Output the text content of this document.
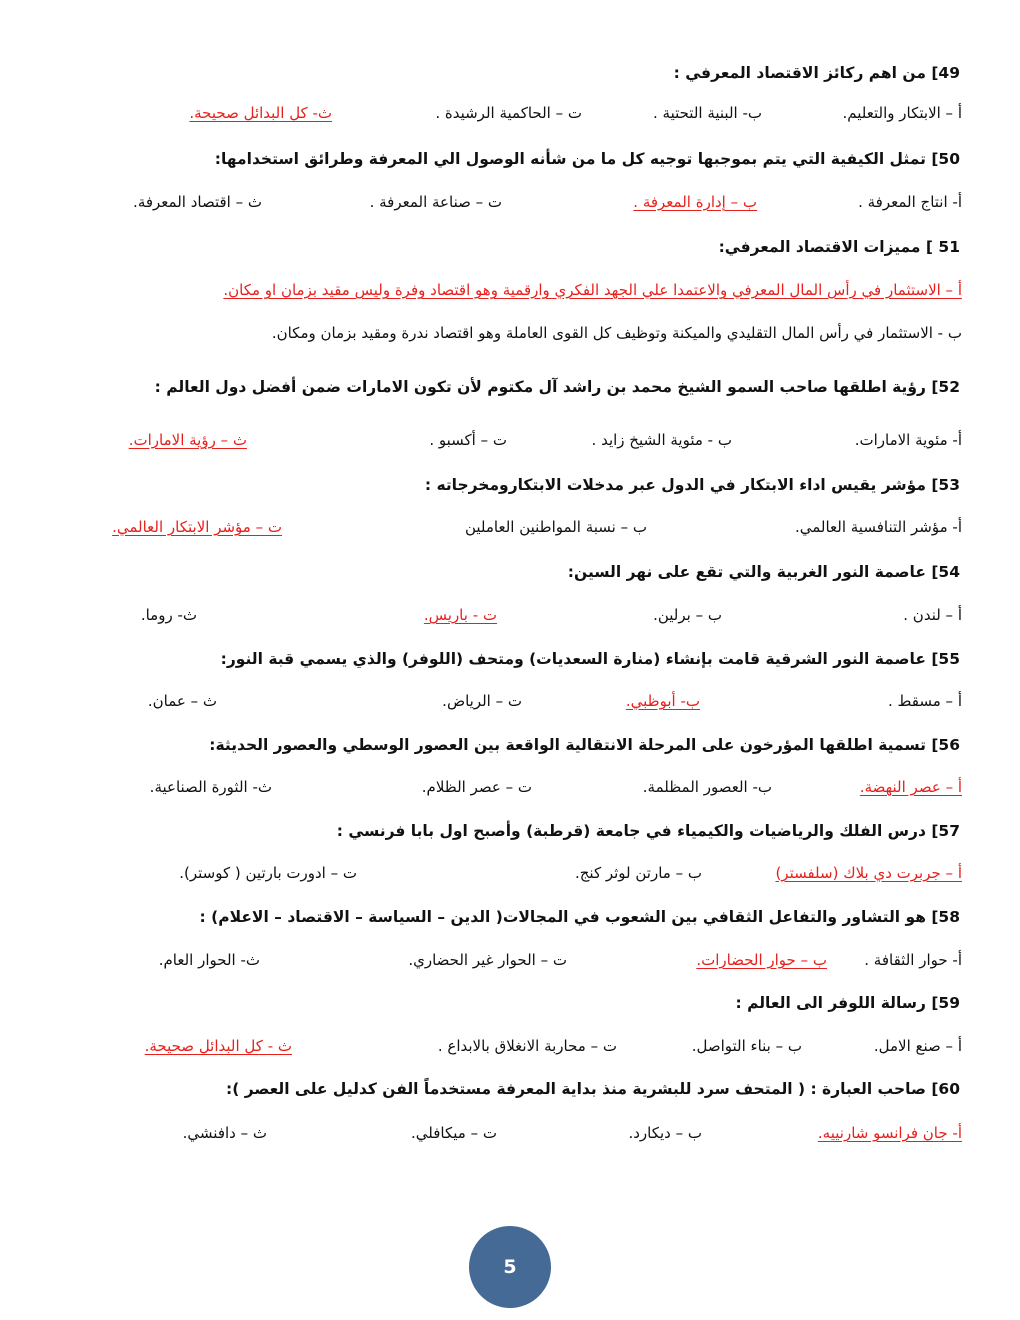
49] من اهم ركائز الاقتصاد المعرفي :
أ – الابتكار والتعليم.
ب- البنية التحتية .
ت – الحاكمية الرشيدة .
ث- كل البدائل صحيحة.
50] تمثل الكيفية التي يتم بموجبها توجيه كل ما من شأنه الوصول الي المعرفة وطرائق استخدامها:
أ- انتاج المعرفة .
ب – إدارة المعرفة .
ت – صناعة المعرفة .
ث – اقتصاد المعرفة.
51 ] مميزات الاقتصاد المعرفي:
أ – الاستثمار في رأس المال المعرفي والاعتمدا علي الجهد الفكري وارقمية وهو اقتصاد وفرة وليس مقيد بزمان او مكان.
ب - الاستثمار في رأس المال التقليدي والميكنة وتوظيف كل القوى العاملة وهو اقتصاد ندرة ومقيد بزمان ومكان.
52] رؤية اطلقها صاحب السمو الشيخ محمد بن راشد آل مكتوم لأن تكون الامارات ضمن أفضل دول العالم :
أ- مئوية الامارات.
ب - مئوية الشيخ زايد .
ت – أكسبو .
ث – رؤية الامارات.
53] مؤشر يقيس اداء الابتكار في الدول عبر مدخلات الابتكارومخرجاته :
أ- مؤشر التنافسية العالمي.
ب – نسبة المواطنين العاملين
ت – مؤشر الابتكار العالمي.
54] عاصمة النور الغربية والتي تقع على نهر السين:
أ – لندن .
ب – برلين.
ت - باريس.
ث- روما.
55] عاصمة النور الشرقية قامت بإنشاء (منارة السعديات) ومتحف (اللوفر) والذي يسمي قبة النور:
أ – مسقط .
ب- أبوظبي.
ت – الرياض.
ث – عمان.
56] تسمية اطلقها المؤرخون على المرحلة الانتقالية الواقعة بين العصور الوسطي والعصور الحديثة:
أ – عصر النهضة.
ب- العصور المظلمة.
ت – عصر الظلام.
ث- الثورة الصناعية.
57] درس الفلك والرياضيات والكيمياء في جامعة (قرطبة) وأصبح اول بابا فرنسي :
أ – جربرت دي بلاك (سلفستر)
ب – مارتن لوثر كنج.
ت – ادورت بارتين ( كوستر).
58] هو التشاور والتفاعل الثقافي بين الشعوب في المجالات( الدين – السياسة – الاقتصاد – الاعلام) :
أ- حوار الثقافة .
ب – حوار الحضارات.
ت – الحوار غير الحضاري.
ث- الحوار العام.
59] رسالة اللوفر الى العالم :
أ – صنع الامل.
ب – بناء التواصل.
ت – محاربة الانغلاق بالابداع .
ث - كل البدائل صحيحة.
60] صاحب العبارة : ( المتحف سرد للبشرية منذ بداية المعرفة مستخدماً الفن كدليل على العصر ):
أ- جان فرانسو شارنييه.
ب – ديكارد.
ت – ميكافلي.
ث – دافنشي.
5
